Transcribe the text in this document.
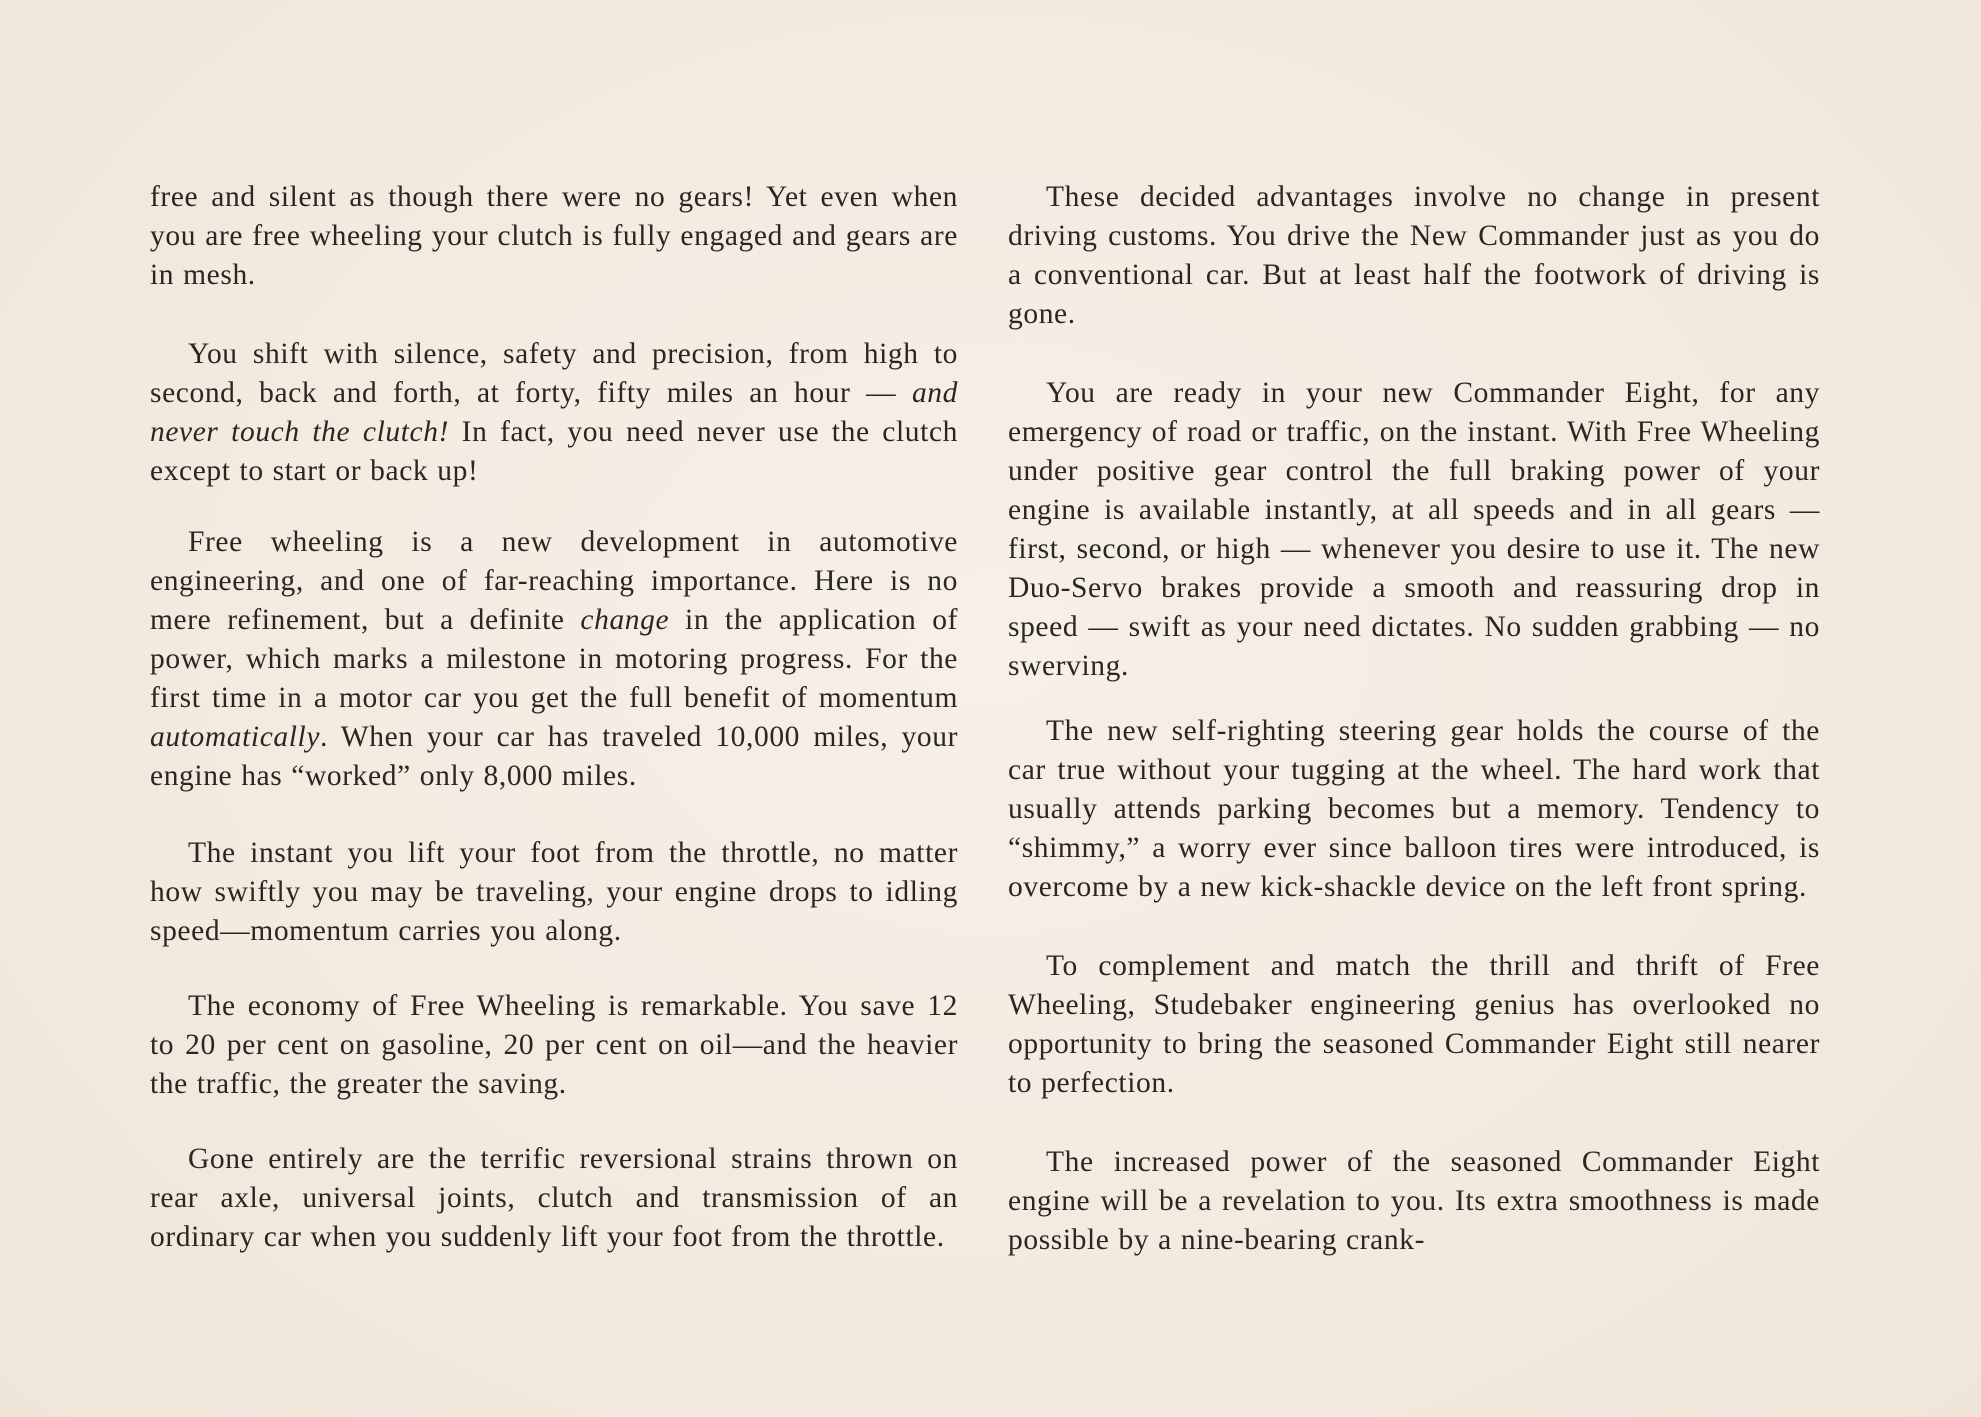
free and silent as though there were no gears! Yet even when you are free wheeling your clutch is fully engaged and gears are in mesh.

You shift with silence, safety and precision, from high to second, back and forth, at forty, fifty miles an hour — and never touch the clutch! In fact, you need never use the clutch except to start or back up!

Free wheeling is a new development in automotive engineering, and one of far-reaching importance. Here is no mere refinement, but a definite change in the application of power, which marks a milestone in motoring progress. For the first time in a motor car you get the full benefit of momentum automatically. When your car has traveled 10,000 miles, your engine has “worked” only 8,000 miles.

The instant you lift your foot from the throttle, no matter how swiftly you may be traveling, your engine drops to idling speed—momentum carries you along.

The economy of Free Wheeling is remarkable. You save 12 to 20 per cent on gasoline, 20 per cent on oil—and the heavier the traffic, the greater the saving.

Gone entirely are the terrific reversional strains thrown on rear axle, universal joints, clutch and transmission of an ordinary car when you suddenly lift your foot from the throttle.

These decided advantages involve no change in present driving customs. You drive the New Commander just as you do a conventional car. But at least half the footwork of driving is gone.

You are ready in your new Commander Eight, for any emergency of road or traffic, on the instant. With Free Wheeling under positive gear control the full braking power of your engine is available instantly, at all speeds and in all gears — first, second, or high — whenever you desire to use it. The new Duo-Servo brakes provide a smooth and reassuring drop in speed — swift as your need dictates. No sudden grabbing — no swerving.

The new self-righting steering gear holds the course of the car true without your tugging at the wheel. The hard work that usually attends parking becomes but a memory. Tendency to “shimmy,” a worry ever since balloon tires were introduced, is overcome by a new kick-shackle device on the left front spring.

To complement and match the thrill and thrift of Free Wheeling, Studebaker engineering genius has overlooked no opportunity to bring the seasoned Commander Eight still nearer to perfection.

The increased power of the seasoned Commander Eight engine will be a revelation to you. Its extra smoothness is made possible by a nine-bearing crank-
